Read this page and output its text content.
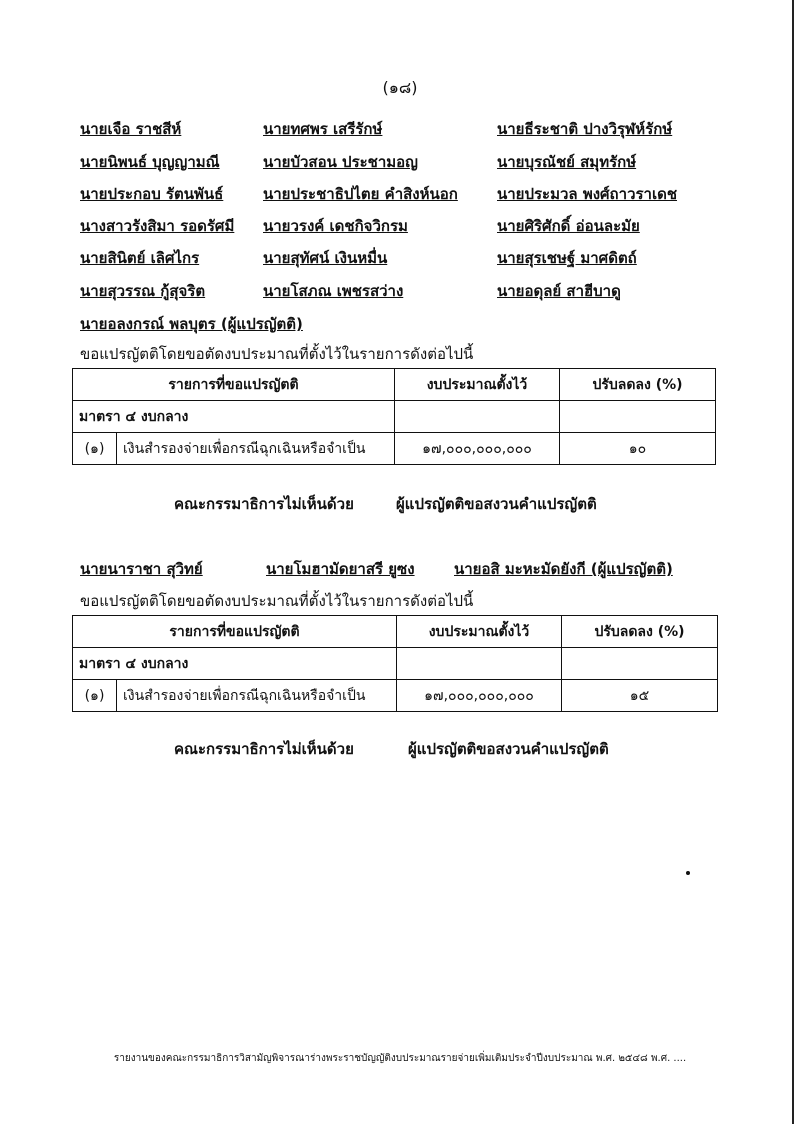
(๑๘)
นายเจือ ราชสีห์	นายทศพร เสรีรักษ์	นายธีระชาติ ปางวิรุฬห์รักษ์
นายนิพนธ์ บุญญามณี	นายบัวสอน ประชามอญ	นายบุรณัชย์ สมุทรักษ์
นายประกอบ รัตนพันธ์	นายประชาธิปไตย คำสิงห์นอก	นายประมวล พงศ์ถาวราเดช
นางสาวรังสิมา รอดรัศมี นายวรงค์ เดชกิจวิกรม	นายศิริศักดิ์ อ่อนละมัย
นายสินิตย์ เลิศไกร	นายสุทัศน์ เงินหมื่น	นายสุรเชษฐ์ มาศดิตถ์
นายสุวรรณ กู้สุจริต	นายโสภณ เพชรสว่าง	นายอดุลย์ สาฮีบาดู
นายอลงกรณ์ พลบุตร (ผู้แปรญัตติ)
ขอแปรญัตติโดยขอตัดงบประมาณที่ตั้งไว้ในรายการดังต่อไปนี้
รายการที่ขอแปรญัตติ		งบประมาณตั้งไว้	ปรับลดลง (%)
มาตรา ๔ งบกลาง			
(๑)	เงินสำรองจ่ายเพื่อกรณีฉุกเฉินหรือจำเป็น	๑๗,๐๐๐,๐๐๐,๐๐๐	๑๐
คณะกรรมาธิการไม่เห็นด้วย	ผู้แปรญัตติขอสงวนคำแปรญัตติ
นายนาราชา สุวิทย์	นายโมฮามัดยาสรี ยูซง	นายอสิ มะหะมัดยังกี (ผู้แปรญัตติ)
ขอแปรญัตติโดยขอตัดงบประมาณที่ตั้งไว้ในรายการดังต่อไปนี้
รายการที่ขอแปรญัตติ		งบประมาณตั้งไว้	ปรับลดลง (%)
มาตรา ๔ งบกลาง			
(๑)	เงินสำรองจ่ายเพื่อกรณีฉุกเฉินหรือจำเป็น	๑๗,๐๐๐,๐๐๐,๐๐๐	๑๕
คณะกรรมาธิการไม่เห็นด้วย	ผู้แปรญัตติขอสงวนคำแปรญัตติ
รายงานของคณะกรรมาธิการวิสามัญพิจารณาร่างพระราชบัญญัติงบประมาณรายจ่ายเพิ่มเติมประจำปีงบประมาณ พ.ศ. ๒๕๔๘ พ.ศ. ....
